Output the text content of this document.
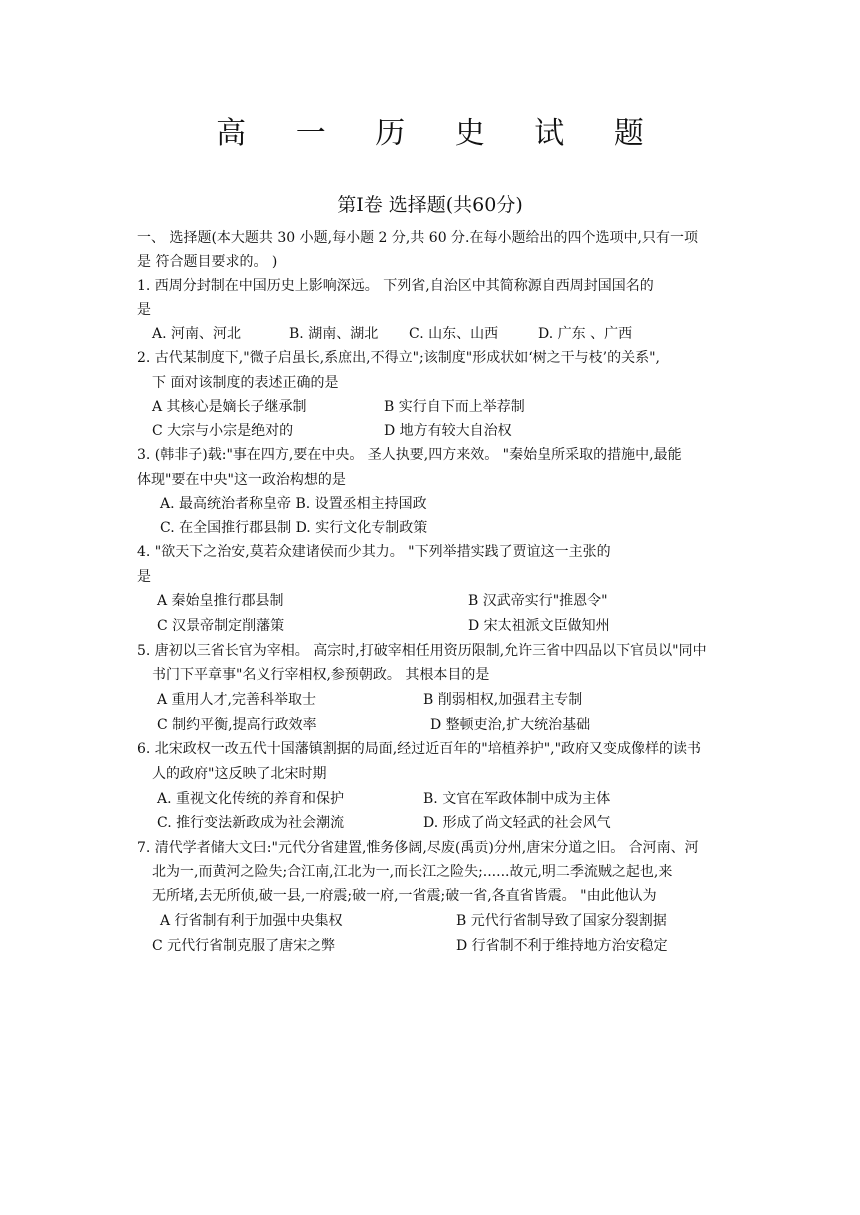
高 一 历 史 试 题
第Ⅰ卷 选择题(共60分)
一、 选择题(本大题共 30 小题,每小题 2 分,共 60 分.在每小题给出的四个选项中,只有一项
是 符合题目要求的。 )
1. 西周分封制在中国历史上影响深远。 下列省,自治区中其简称源自西周封国国名的
是
A. 河南、河北	B. 湖南、湖北 C. 山东、山西	D. 广东 、广西
2. 古代某制度下,"微子启虽长,系庶出,不得立";该制度"形成状如‘树之干与枝’的关系",
下 面对该制度的表述正确的是
A 其核心是嫡长子继承制	B 实行自下而上举荐制
C 大宗与小宗是绝对的	D 地方有较大自治权
3. (韩非子)载:"事在四方,要在中央。 圣人执要,四方来效。 "秦始皇所采取的措施中,最能
体现"要在中央"这一政治构想的是
A. 最高统治者称皇帝 B. 设置丞相主持国政
C. 在全国推行郡县制 D. 实行文化专制政策
4. "欲天下之治安,莫若众建诸侯而少其力。 "下列举措实践了贾谊这一主张的
是
A 秦始皇推行郡县制	B 汉武帝实行"推恩令"
C 汉景帝制定削藩策	D 宋太祖派文臣做知州
5. 唐初以三省长官为宰相。 高宗时,打破宰相任用资历限制,允许三省中四品以下官员以"同中
书门下平章事"名义行宰相权,参预朝政。 其根本目的是
A 重用人才,完善科举取士	B 削弱相权,加强君主专制
C 制约平衡,提高行政效率	D 整顿吏治,扩大统治基础
6. 北宋政权一改五代十国藩镇割据的局面,经过近百年的"培植养护","政府又变成像样的读书
人的政府"这反映了北宋时期
A. 重视文化传统的养育和保护	B. 文官在军政体制中成为主体
C. 推行变法新政成为社会潮流	D. 形成了尚文轻武的社会风气
7. 清代学者储大文曰:"元代分省建置,惟务侈阔,尽废(禹贡)分州,唐宋分道之旧。 合河南、河
北为一,而黄河之险失;合江南,江北为一,而长江之险失;......故元,明二季流贼之起也,来
无所堵,去无所侦,破一县,一府震;破一府,一省震;破一省,各直省皆震。 "由此他认为
A 行省制有利于加强中央集权	B 元代行省制导致了国家分裂割据
C 元代行省制克服了唐宋之弊	D 行省制不利于维持地方治安稳定
